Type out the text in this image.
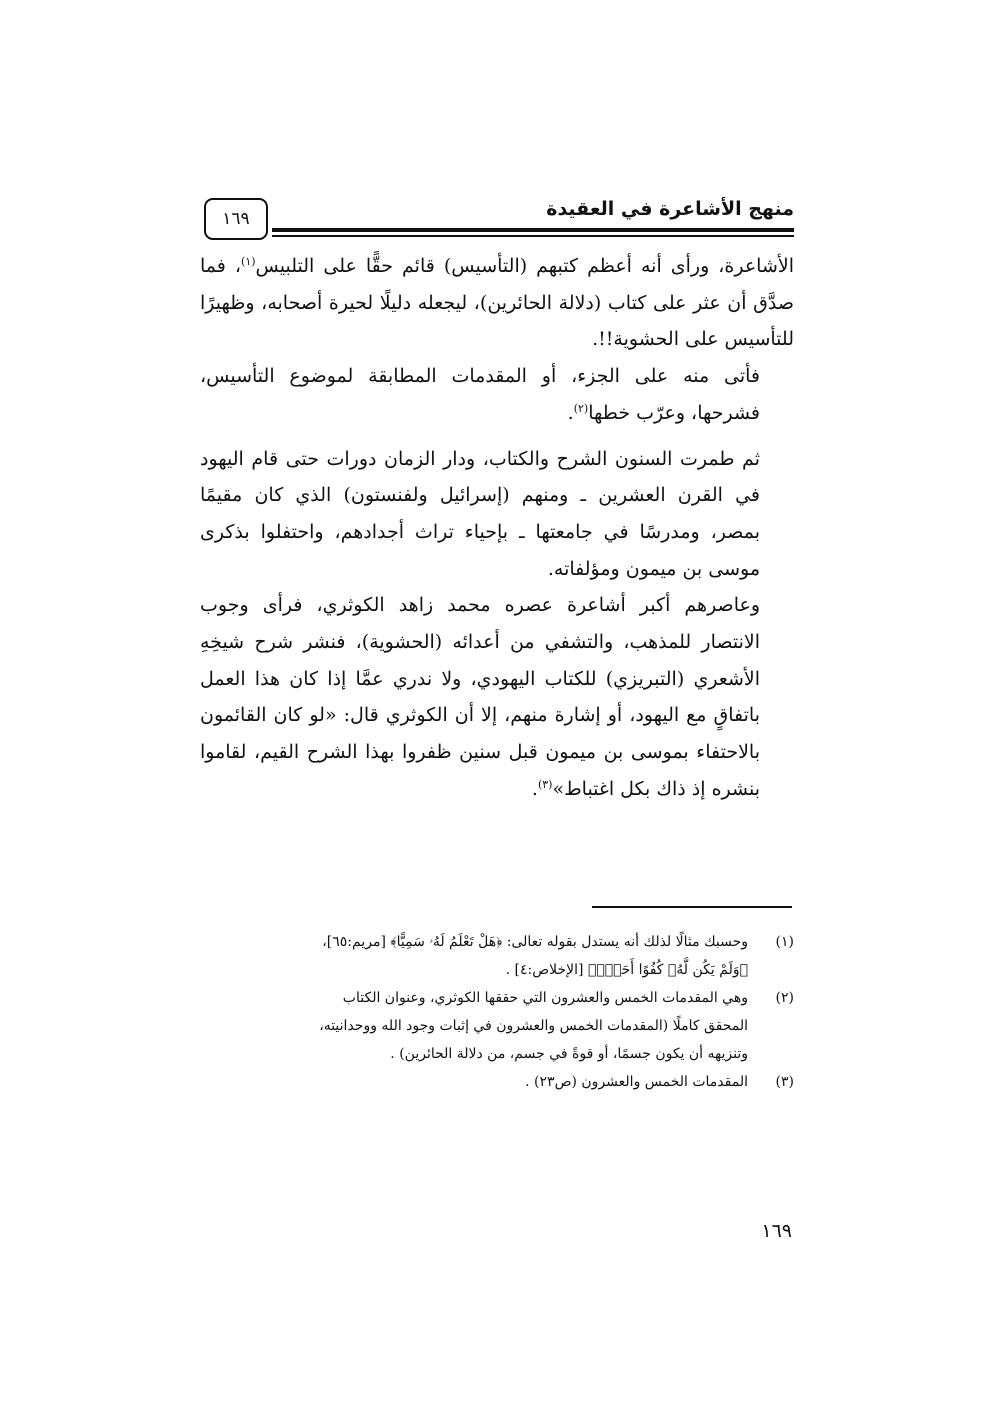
١٦٩	منهج الأشاعرة في العقيدة

الأشاعرة، ورأى أنه أعظم كتبهم (التأسيس) قائم حقًّا على التلبيس$^{(١)}$، فما صدَّق أن عثر على كتاب (دلالة الحائرين)، ليجعله دليلًا لحيرة أصحابه، وظهيرًا للتأسيس على الحشوية!!.

فأتى منه على الجزء، أو المقدمات المطابقة لموضوع التأسيس، فشرحها، وعرّب خطها$^{(٢)}$.

ثم طمرت السنون الشرح والكتاب، ودار الزمان دورات حتى قام اليهود في القرن العشرين ـ ومنهم (إسرائيل ولفنستون) الذي كان مقيمًا بمصر، ومدرسًا في جامعتها ـ بإحياء تراث أجدادهم، واحتفلوا بذكرى موسى بن ميمون ومؤلفاته.

وعاصرهم أكبر أشاعرة عصره محمد زاهد الكوثري، فرأى وجوب الانتصار للمذهب، والتشفي من أعدائه (الحشوية)، فنشر شرح شيخِهِ الأشعري (التبريزي) للكتاب اليهودي، ولا ندري عمَّا إذا كان هذا العمل باتفاقٍ مع اليهود، أو إشارة منهم، إلا أن الكوثري قال: «لو كان القائمون بالاحتفاء بموسى بن ميمون قبل سنين ظفروا بهذا الشرح القيم، لقاموا بنشره إذ ذاك بكل اغتباط»$^{(٣)}$.

(١)
وحسبك مثالًا لذلك أنه يستدل بقوله تعالى: ﴿هَلْ تَعْلَمُ لَهُۥ سَمِيًّا﴾ [مريم:٦٥]،
﴿وَلَمْ يَكُن لَّهُۥ كُفُوًا أَحَدٌۢ﴾ [الإخلاص:٤] .
(٢)
وهي المقدمات الخمس والعشرون التي حققها الكوثري، وعنوان الكتاب
المحقق كاملًا (المقدمات الخمس والعشرون في إثبات وجود الله ووحدانيته،
وتنزيهه أن يكون جسمًا، أو قوةً في جسم، من دلالة الحائرين) .
(٣)
المقدمات الخمس والعشرون (ص٢٣) .
١٦٩
